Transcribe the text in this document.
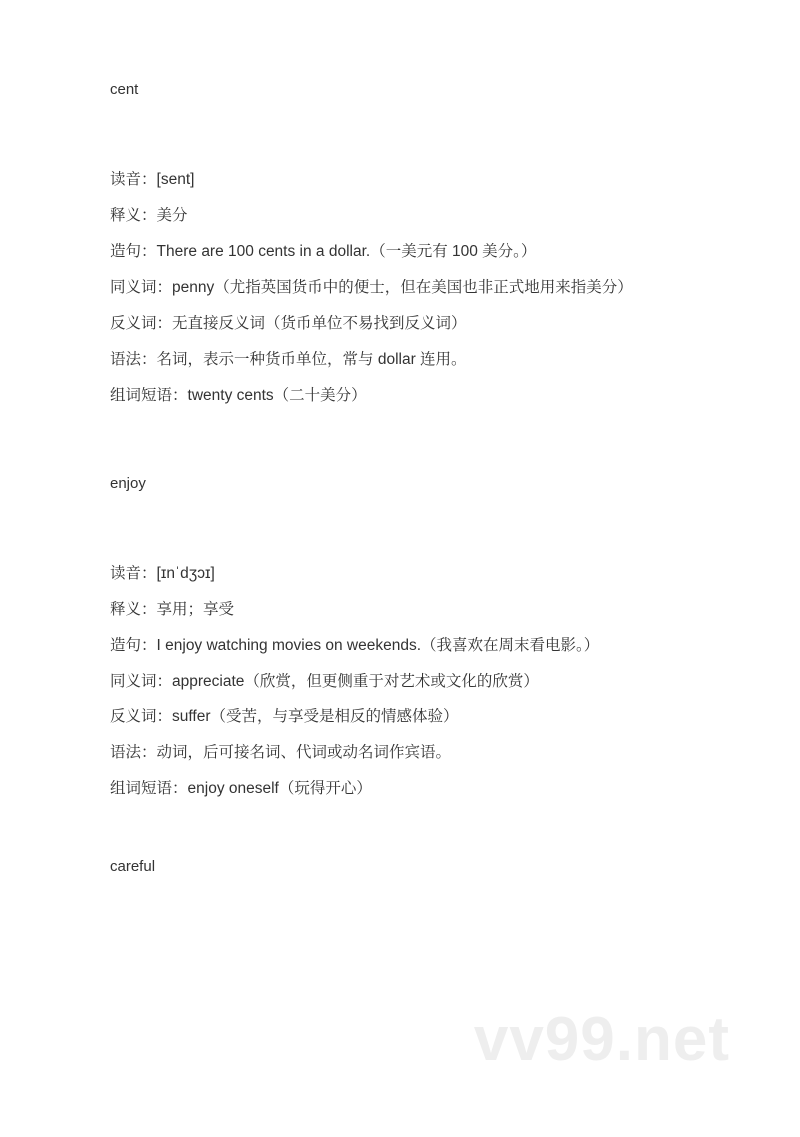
cent

读音：[sent]

释义：美分

造句：There are 100 cents in a dollar.（一美元有 100 美分。）

同义词：penny（尤指英国货币中的便士，但在美国也非正式地用来指美分）

反义词：无直接反义词（货币单位不易找到反义词）

语法：名词，表示一种货币单位，常与 dollar 连用。

组词短语：twenty cents（二十美分）

enjoy

读音：[ɪnˈdʒɔɪ]

释义：享用；享受

造句：I enjoy watching movies on weekends.（我喜欢在周末看电影。）

同义词：appreciate（欣赏，但更侧重于对艺术或文化的欣赏）

反义词：suffer（受苦，与享受是相反的情感体验）

语法：动词，后可接名词、代词或动名词作宾语。

组词短语：enjoy oneself（玩得开心）

careful

vv99.net
